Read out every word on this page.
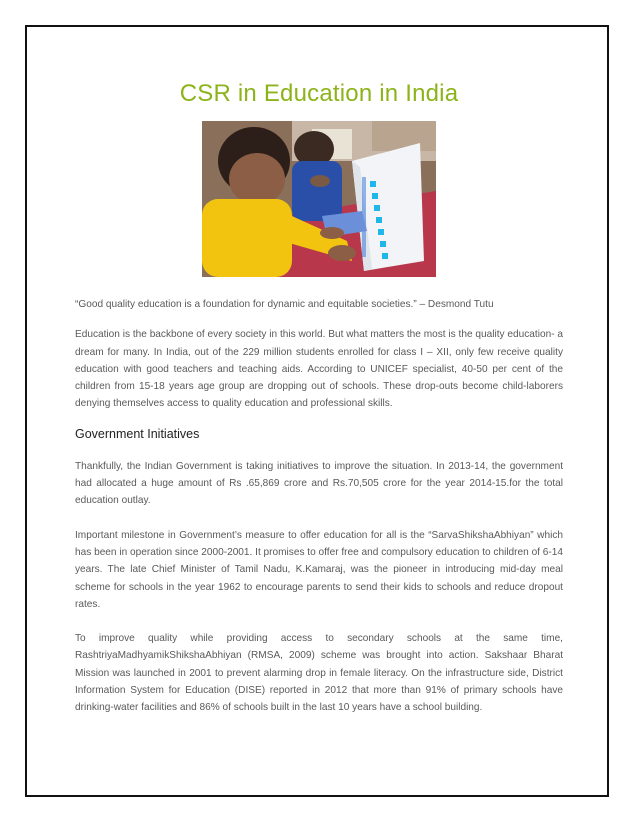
CSR in Education in India

“Good quality education is a foundation for dynamic and equitable societies.” – Desmond Tutu

Education is the backbone of every society in this world. But what matters the most is the quality education- a dream for many. In India, out of the 229 million students enrolled for class I – XII, only few receive quality education with good teachers and teaching aids. According to UNICEF specialist, 40-50 per cent of the children from 15-18 years age group are dropping out of schools. These drop-outs become child-laborers denying themselves access to quality education and professional skills.

Government Initiatives

Thankfully, the Indian Government is taking initiatives to improve the situation. In 2013-14, the government had allocated a huge amount of Rs .65,869 crore and Rs.70,505 crore for the year 2014-15.for the total education outlay.

Important milestone in Government’s measure to offer education for all is the “SarvaShikshaAbhiyan” which has been in operation since 2000-2001. It promises to offer free and compulsory education to children of 6-14 years. The late Chief Minister of Tamil Nadu, K.Kamaraj, was the pioneer in introducing mid-day meal scheme for schools in the year 1962 to encourage parents to send their kids to schools and reduce dropout rates.

To improve quality while providing access to secondary schools at the same time, RashtriyaMadhyamikShikshaAbhiyan (RMSA, 2009) scheme was brought into action. Sakshaar Bharat Mission was launched in 2001 to prevent alarming drop in female literacy. On the infrastructure side, District Information System for Education (DISE) reported in 2012 that more than 91% of primary schools have drinking-water facilities and 86% of schools built in the last 10 years have a school building.
